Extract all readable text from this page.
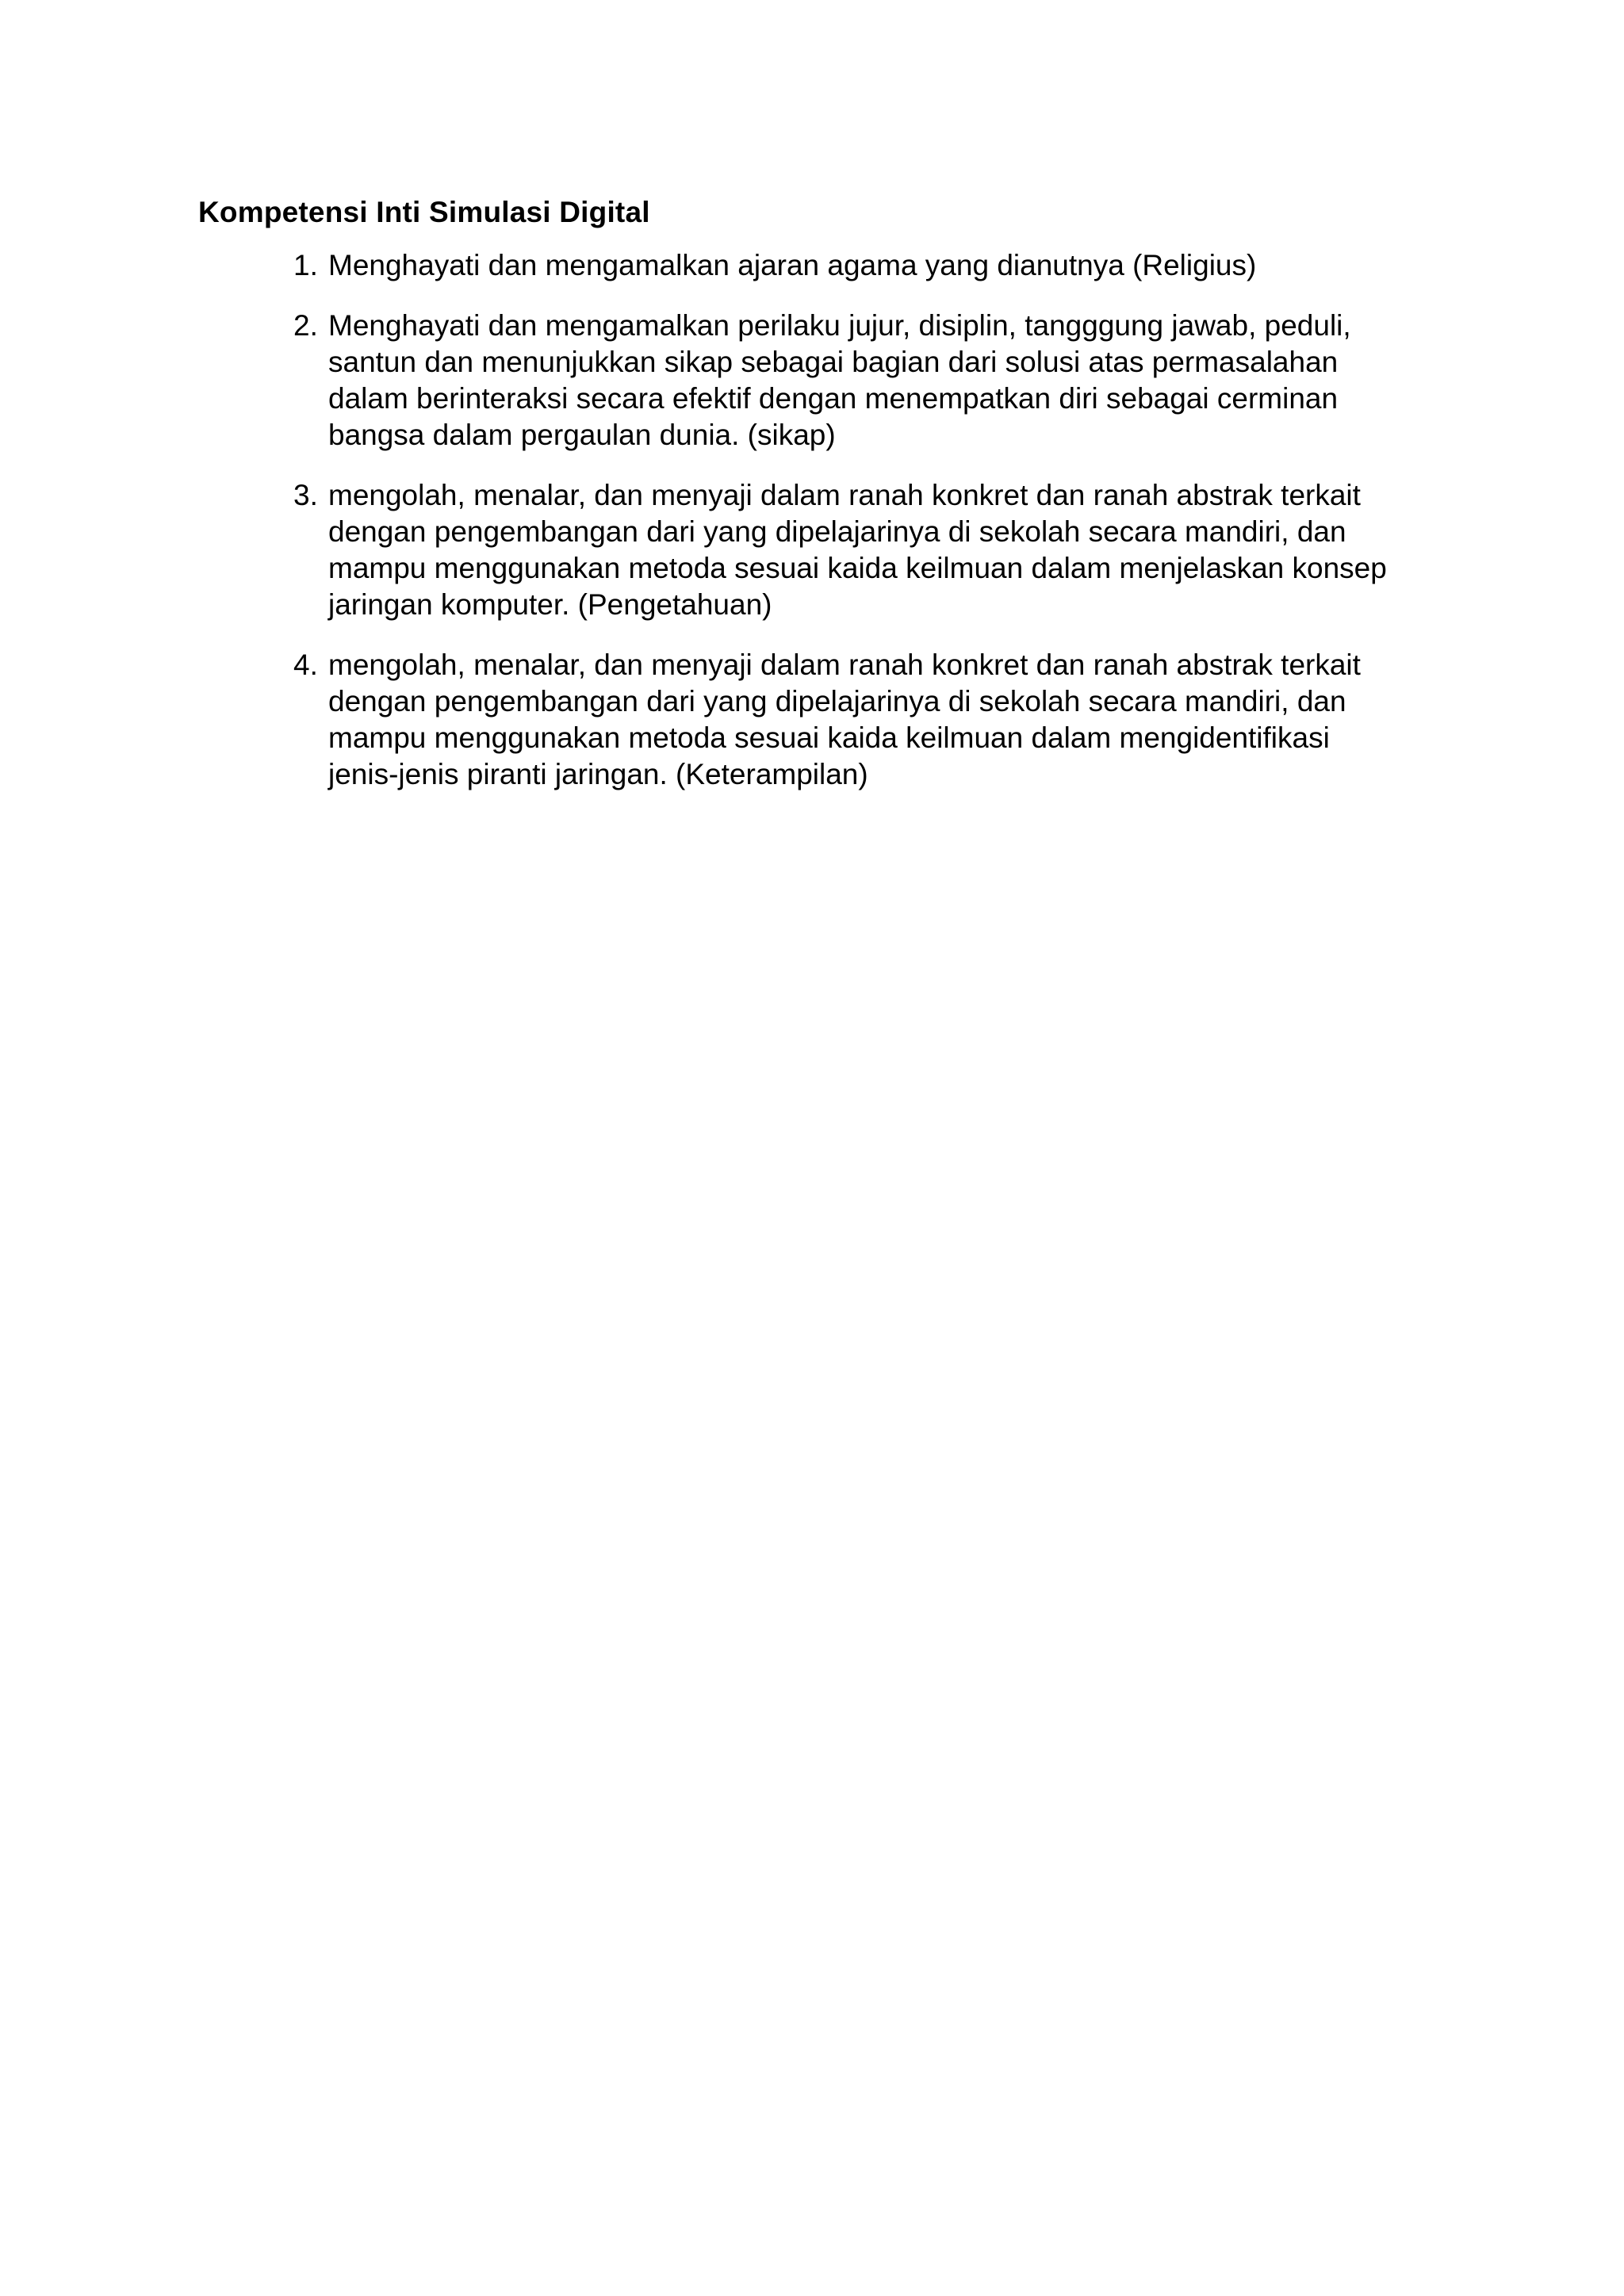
Kompetensi Inti Simulasi Digital
1. Menghayati dan mengamalkan ajaran agama yang dianutnya (Religius)
2. Menghayati dan mengamalkan perilaku jujur, disiplin, tangggung jawab, peduli,
santun dan menunjukkan sikap sebagai bagian dari solusi atas permasalahan
dalam berinteraksi secara efektif dengan menempatkan diri sebagai cerminan
bangsa dalam pergaulan dunia. (sikap)
3. mengolah, menalar, dan menyaji dalam ranah konkret dan ranah abstrak terkait
dengan pengembangan dari yang dipelajarinya di sekolah secara mandiri, dan
mampu menggunakan metoda sesuai kaida keilmuan dalam menjelaskan konsep
jaringan komputer. (Pengetahuan)
4. mengolah, menalar, dan menyaji dalam ranah konkret dan ranah abstrak terkait
dengan pengembangan dari yang dipelajarinya di sekolah secara mandiri, dan
mampu menggunakan metoda sesuai kaida keilmuan dalam mengidentifikasi
jenis-jenis piranti jaringan. (Keterampilan)
